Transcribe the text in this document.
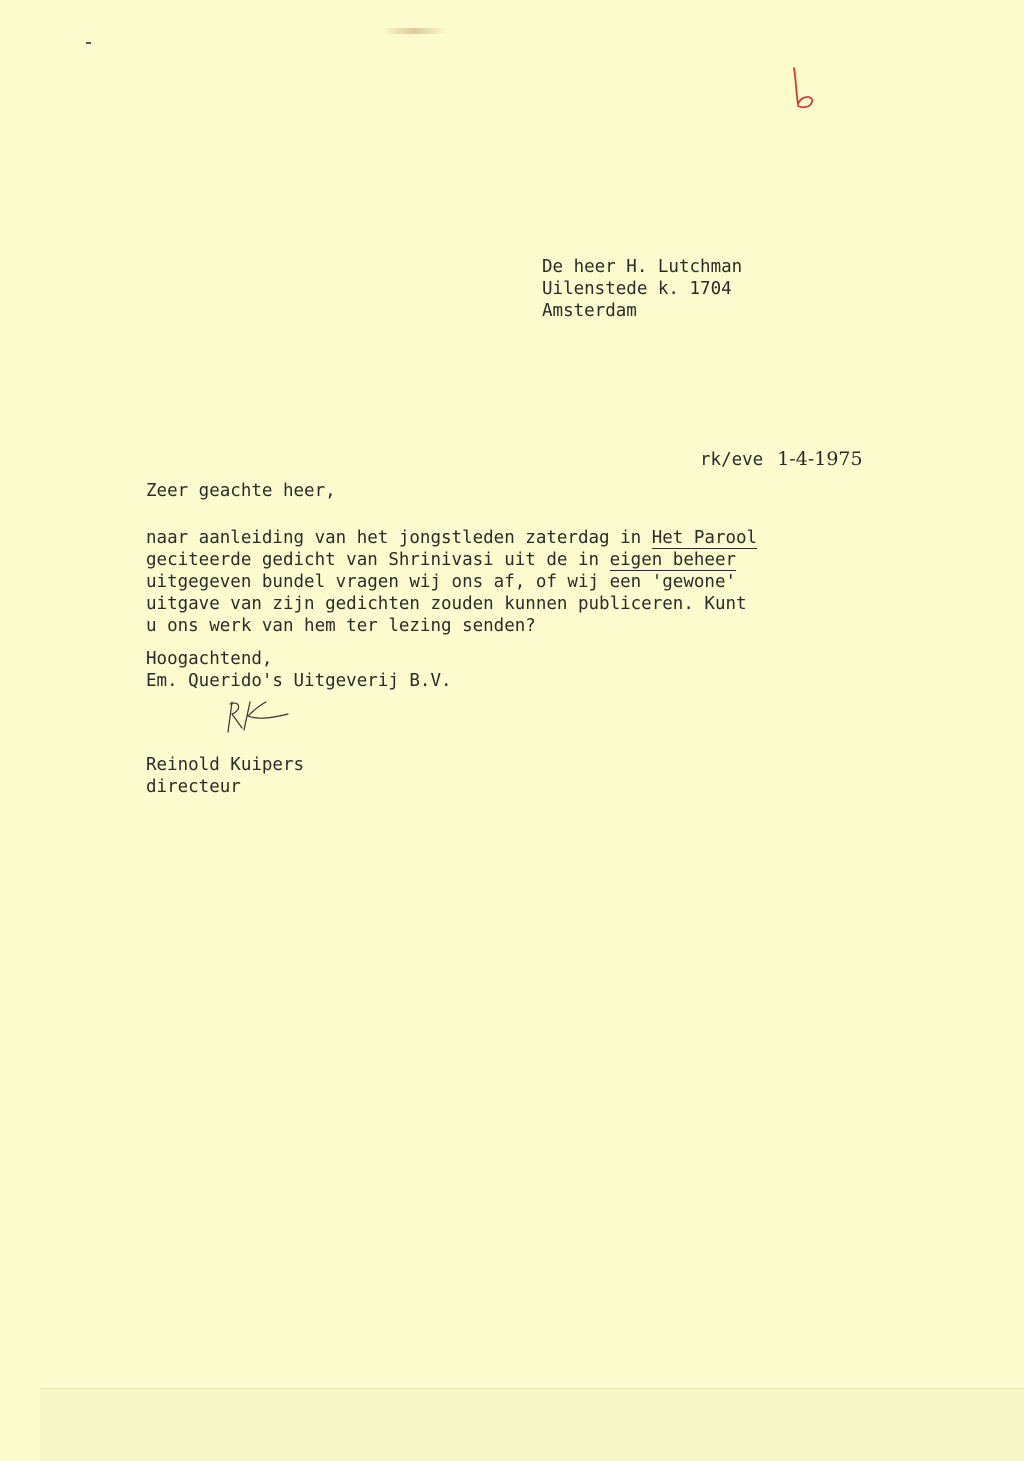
De heer H. Lutchman
Uilenstede k. 1704
Amsterdam
rk/eve 1-4-1975
Zeer geachte heer,
naar aanleiding van het jongstleden zaterdag in Het Parool
geciteerde gedicht van Shrinivasi uit de in eigen beheer
uitgegeven bundel vragen wij ons af, of wij een 'gewone'
uitgave van zijn gedichten zouden kunnen publiceren. Kunt
u ons werk van hem ter lezing senden?
Hoogachtend,
Em. Querido's Uitgeverij B.V.
Reinold Kuipers
directeur
